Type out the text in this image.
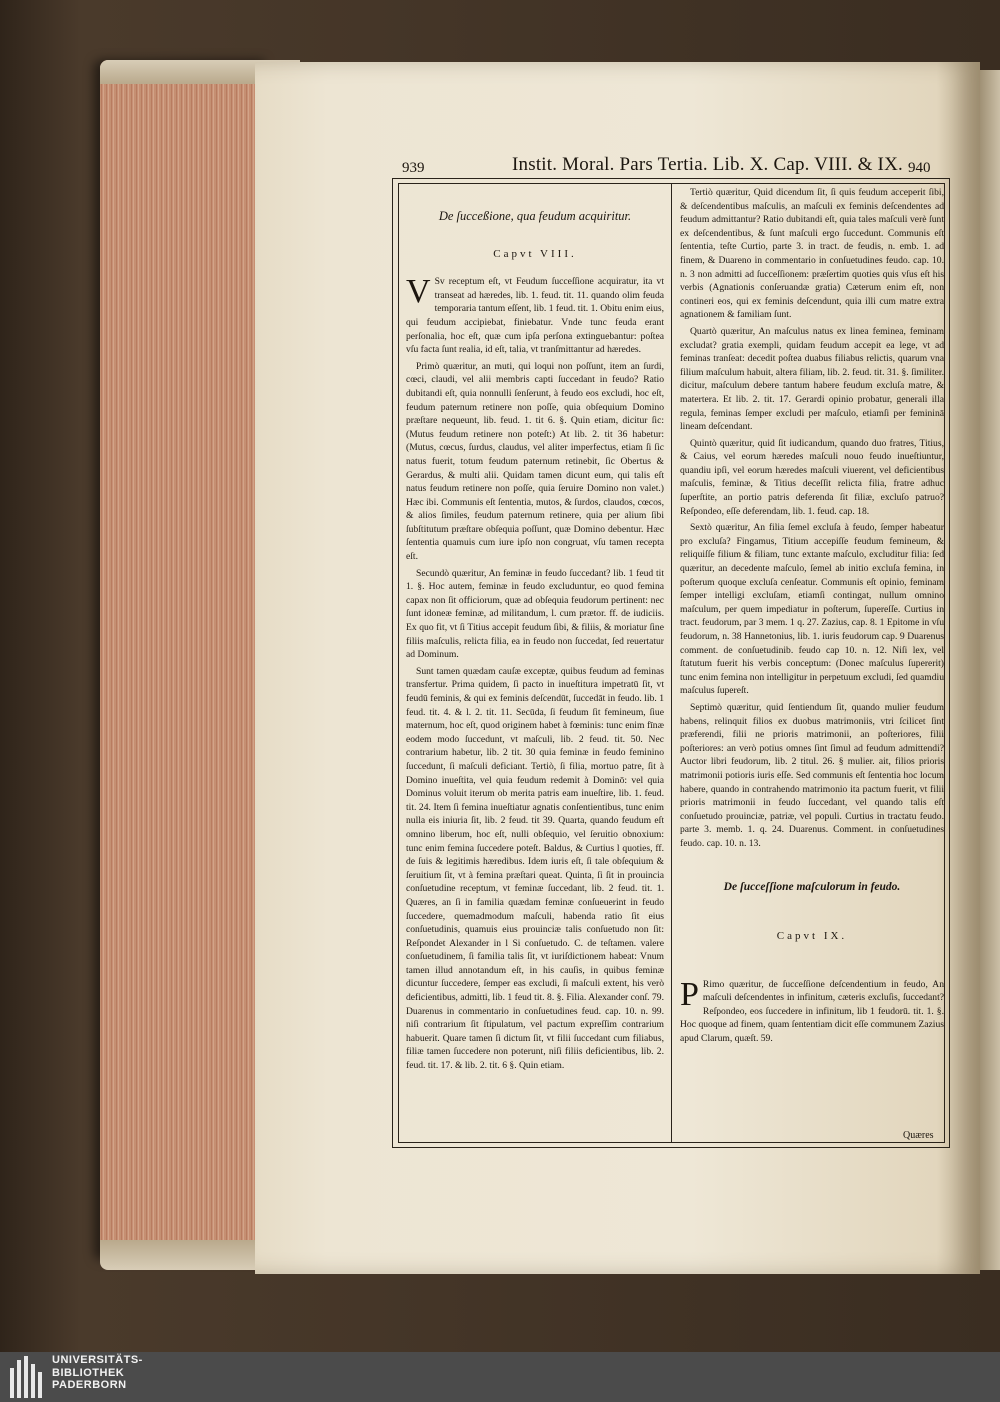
939	Instit. Moral. Pars Tertia. Lib. X. Cap. VIII. & IX. 940
De ſucceßione, qua feudum acquiritur.
Capvt VIII.
V Sv receptum eſt, vt Feudum ſucceſſione acquiratur, ita vt transeat ad hæredes, lib. 1. feud. tit. 11. quando olim feuda temporaria tantum eſſent, lib. 1 feud. tit. 1. Obitu enim eius, qui feudum accipiebat, finiebatur. Vnde tunc feuda erant perſonalia, hoc eſt, quæ cum ipſa perſona extinguebantur: poſtea vſu facta ſunt realia, id eſt, talia, vt tranſmittantur ad hæredes.

Primò quæritur, an muti, qui loqui non poſſunt, item an ſurdi, cœci, claudi, vel alii membris capti ſuccedant in feudo? Ratio dubitandi eſt, quia nonnulli ſenſerunt, à feudo eos excludi, hoc eſt, feudum paternum retinere non poſſe, quia obſequium Domino præſtare nequeunt, lib. feud. 1. tit 6. §. Quin etiam, dicitur ſic: (Mutus feudum retinere non poteſt:) At lib. 2. tit 36 habetur: (Mutus, cœcus, ſurdus, claudus, vel aliter imperfectus, etiam ſi ſic natus fuerit, totum feudum paternum retinebit, ſic Obertus & Gerardus, & multi alii. Quidam tamen dicunt eum, qui talis eſt natus feudum retinere non poſſe, quia ſeruire Domino non valet.) Hæc ibi. Communis eſt ſententia, mutos, & ſurdos, claudos, cœcos, & alios ſimiles, feudum paternum retinere, quia per alium ſibi ſubſtitutum præſtare obſequia poſſunt, quæ Domino debentur. Hæc ſententia quamuis cum iure ipſo non congruat, vſu tamen recepta eſt.

Secundò quæritur, An feminæ in feudo ſuccedant? lib. 1 feud tit 1. §. Hoc autem, feminæ in feudo excluduntur, eo quod femina capax non ſit officiorum, quæ ad obſequia feudorum pertinent: nec ſunt idoneæ feminæ, ad militandum, l. cum prætor. ff. de iudiciis. Ex quo fit, vt ſi Titius accepit feudum ſibi, & filiis, & moriatur ſine filiis maſculis, relicta filia, ea in feudo non ſuccedat, ſed reuertatur ad Dominum.

Sunt tamen quædam cauſæ exceptæ, quibus feudum ad feminas transfertur. Prima quidem, ſi pacto in inueſtitura impetratū ſit, vt feudū feminis, & qui ex feminis deſcendūt, ſuccedāt in feudo. lib. 1 feud. tit. 4. & l. 2. tit. 11. Secūda, ſi feudum ſit femineum, ſiue maternum, hoc eſt, quod originem habet à fœminis: tunc enim fīnæ eodem modo ſuccedunt, vt maſculi, lib. 2 feud. tit. 50. Nec contrarium habetur, lib. 2 tit. 30 quia feminæ in feudo feminino ſuccedunt, ſi maſculi deficiant. Tertiò, ſi filia, mortuo patre, ſit à Domino inueſtita, vel quia feudum redemit à Dominō: vel quia Dominus voluit iterum ob merita patris eam inueſtire, lib. 1. feud. tit. 24. Item ſi femina inueſtiatur agnatis conſentientibus, tunc enim nulla eis iniuria ſit, lib. 2 feud. tit 39. Quarta, quando feudum eſt omnino liberum, hoc eſt, nulli obſequio, vel ſeruitio obnoxium: tunc enim femina ſuccedere poteſt. Baldus, & Curtius l quoties, ff. de ſuis & legitimis hæredibus. Idem iuris eſt, ſi tale obſequium & ſeruitium ſit, vt à femina præſtari queat. Quinta, ſi ſit in prouincia conſuetudine receptum, vt feminæ ſuccedant, lib. 2 feud. tit. 1. Quæres, an ſi in familia quædam feminæ conſueuerint in feudo ſuccedere, quemadmodum maſculi, habenda ratio ſit eius conſuetudinis, quamuis eius prouinciæ talis conſuetudo non ſit: Reſpondet Alexander in l Si conſuetudo. C. de teſtamen. valere conſuetudinem, ſi familia talis ſit, vt iuriſdictionem habeat: Vnum tamen illud annotandum eſt, in his cauſis, in quibus feminæ dicuntur ſuccedere, ſemper eas excludi, ſi maſculi extent, his verò deficientibus, admitti, lib. 1 feud tit. 8. §. Filia. Alexander conſ. 79. Duarenus in commentario in conſuetudines feud. cap. 10. n. 99. niſi contrarium ſit ſtipulatum, vel pactum expreſſim contrarium habuerit. Quare tamen ſi dictum ſit, vt filii ſuccedant cum filiabus, filiæ tamen ſuccedere non poterunt, niſi filiis deficientibus, lib. 2. feud. tit. 17. & lib. 2. tit. 6 §. Quin etiam.

Tertiò quæritur, Quid dicendum ſit, ſi quis feudum acceperit ſibi, & deſcendentibus maſculis, an maſculi ex feminis deſcendentes ad feudum admittantur? Ratio dubitandi eſt, quia tales maſculi verè ſunt ex deſcendentibus, & ſunt maſculi ergo ſuccedunt. Communis eſt ſententia, teſte Curtio, parte 3. in tract. de feudis, n. emb. 1. ad finem, & Duareno in commentario in conſuetudines feudo. cap. 10. n. 3 non admitti ad ſucceſſionem: præſertim quoties quis vſus eſt his verbis (Agnationis conſeruandæ gratia) Cæterum enim eſt, non contineri eos, qui ex feminis deſcendunt, quia illi cum matre extra agnationem & familiam ſunt.

Quartò quæritur, An maſculus natus ex linea feminea, feminam excludat? gratia exempli, quidam feudum accepit ea lege, vt ad feminas tranſeat: decedit poſtea duabus filiabus relictis, quarum vna filium maſculum habuit, altera filiam, lib. 2. feud. tit. 31. §. ſimiliter. dicitur, maſculum debere tantum habere feudum excluſa matre, & matertera. Et lib. 2. tit. 17. Gerardi opinio probatur, generali illa regula, feminas ſemper excludi per maſculo, etiamſi per femininā lineam deſcendant.

Quintò quæritur, quid ſit iudicandum, quando duo fratres, Titius, & Caius, vel eorum hæredes maſculi nouo feudo inueſtiuntur, quandiu ipſi, vel eorum hæredes maſculi viuerent, vel deficientibus maſculis, feminæ, & Titius deceſſit relicta filia, fratre adhuc ſuperſtite, an portio patris deferenda ſit filiæ, excluſo patruo? Reſpondeo, eſſe deferendam, lib. 1. feud. cap. 18.

Sextò quæritur, An filia ſemel excluſa à feudo, ſemper habeatur pro excluſa? Fingamus, Titium accepiſſe feudum femineum, & reliquiſſe filium & filiam, tunc extante maſculo, excluditur filia: ſed quæritur, an decedente maſculo, ſemel ab initio excluſa femina, in poſterum quoque excluſa cenſeatur. Communis eſt opinio, feminam ſemper intelligi excluſam, etiamſi contingat, nullum omnino maſculum, per quem impediatur in poſterum, ſupereſſe. Curtius in tract. feudorum, par 3 mem. 1 q. 27. Zazius, cap. 8. 1 Epitome in vſu feudorum, n. 38 Hannetonius, lib. 1. iuris feudorum cap. 9 Duarenus comment. de conſuetudinib. feudo cap 10. n. 12. Niſi lex, vel ſtatutum fuerit his verbis conceptum: (Donec maſculus ſupererit) tunc enim femina non intelligitur in perpetuum excludi, ſed quamdiu maſculus ſupereſt.

Septimò quæritur, quid ſentiendum ſit, quando mulier feudum habens, relinquit filios ex duobus matrimoniis, vtri ſcilicet ſint præferendi, filii ne prioris matrimonii, an poſteriores, filii poſteriores: an verò potius omnes ſint ſimul ad feudum admittendi? Auctor libri feudorum, lib. 2 titul. 26. § mulier. ait, filios prioris matrimonii potioris iuris eſſe. Sed communis eſt ſententia hoc locum habere, quando in contrahendo matrimonio ita pactum fuerit, vt filii prioris matrimonii in feudo ſuccedant, vel quando talis eſt conſuetudo prouinciæ, patriæ, vel populi. Curtius in tractatu feudo. parte 3. memb. 1. q. 24. Duarenus. Comment. in conſuetudines feudo. cap. 10. n. 13.

De ſucceſſione maſculorum in feudo.
Capvt IX.
P Rimo quæritur, de ſucceſſione deſcendentium in feudo, An maſculi deſcendentes in infinitum, cæteris excluſis, ſuccedant? Reſpondeo, eos ſuccedere in infinitum, lib 1 feudorū. tit. 1. §. Hoc quoque ad finem, quam ſententiam dicit eſſe communem Zazius apud Clarum, quæſt. 59.

Quæres
UNIVERSITÄTS-
BIBLIOTHEK
PADERBORN
